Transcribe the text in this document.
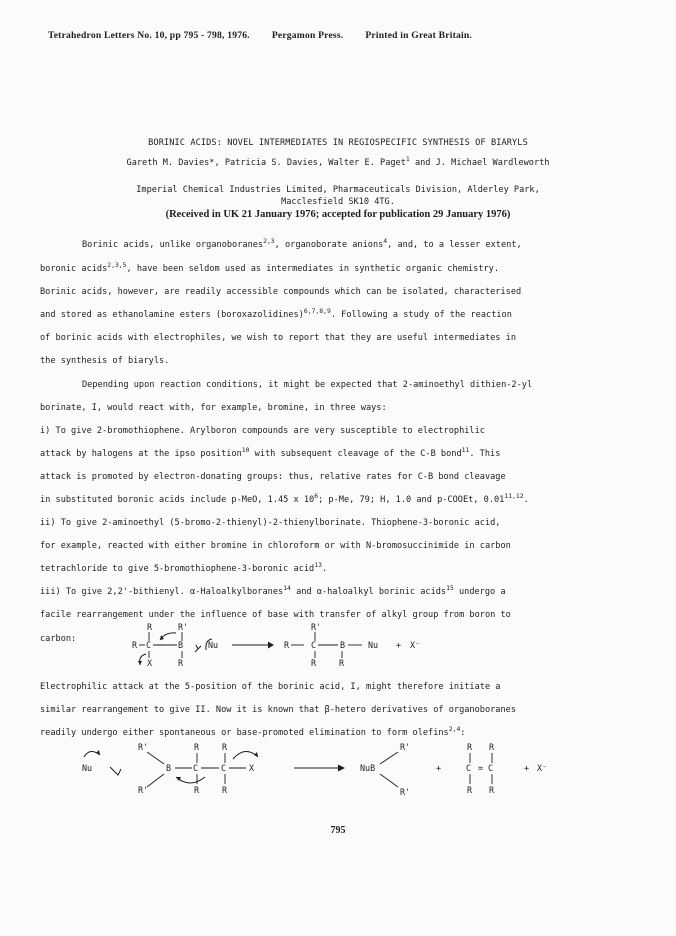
Tetrahedron Letters No. 10, pp 795 - 798, 1976. Pergamon Press. Printed in Great Britain.
BORINIC ACIDS: NOVEL INTERMEDIATES IN REGIOSPECIFIC SYNTHESIS OF BIARYLS
Gareth M. Davies*, Patricia S. Davies, Walter E. Paget$^1$ and J. Michael Wardleworth
Imperial Chemical Industries Limited, Pharmaceuticals Division, Alderley Park,
Macclesfield SK10 4TG.
(Received in UK 21 January 1976; accepted for publication 29 January 1976)
Borinic acids, unlike organoboranes$^{2,3}$, organoborate anions$^4$, and, to a lesser extent,
boronic acids$^{2,3,5}$, have been seldom used as intermediates in synthetic organic chemistry.
Borinic acids, however, are readily accessible compounds which can be isolated, characterised
and stored as ethanolamine esters (boroxazolidines)$^{6,7,8,9}$. Following a study of the reaction
of borinic acids with electrophiles, we wish to report that they are useful intermediates in
the synthesis of biaryls.
Depending upon reaction conditions, it might be expected that 2-aminoethyl dithien-2-yl
borinate, I, would react with, for example, bromine, in three ways:
i) To give 2-bromothiophene. Arylboron compounds are very susceptible to electrophilic
attack by halogens at the ipso position$^{10}$ with subsequent cleavage of the C-B bond$^{11}$. This
attack is promoted by electron-donating groups: thus, relative rates for C-B bond cleavage
in substituted boronic acids include p-MeO, 1.45 x $10^6$; p-Me, 79; H, 1.0 and p-COOEt, 0.01$^{11,12}$.
ii) To give 2-aminoethyl (5-bromo-2-thienyl)-2-thienylborinate. Thiophene-3-boronic acid,
for example, reacted with either bromine in chloroform or with N-bromosuccinimide in carbon
tetrachloride to give 5-bromothiophene-3-boronic acid$^{13}$.
iii) To give 2,2'-bithienyl. α-Haloalkylboranes$^{14}$ and α-haloalkyl borinic acids$^{15}$ undergo a
facile rearrangement under the influence of base with transfer of alkyl group from boron to
carbon:
R	R'
R C	B
X	R
Nu	R
R'
C	B	Nu
R	R
+ X⁻
Electrophilic attack at the 5-position of the borinic acid, I, might therefore initiate a
similar rearrangement to give II. Now it is known that β-hetero derivatives of organoboranes
readily undergo either spontaneous or base-promoted elimination to form olefins$^{2,4}$:
Nu
R'
B
R'
R
C
R
C	X
R	R
NuB
R'
R'
+
R R
C = C
R R
+ X⁻
795
